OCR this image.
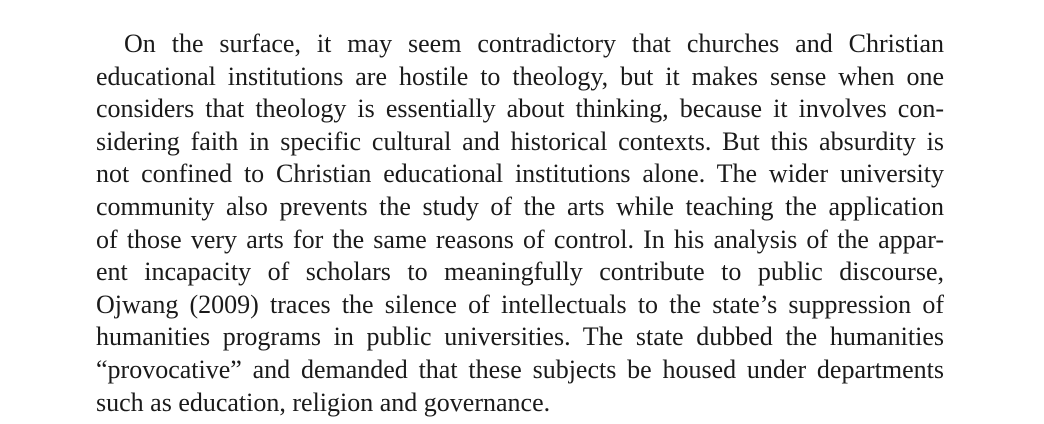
On the surface, it may seem contradictory that churches and Christian
educational institutions are hostile to theology, but it makes sense when one
considers that theology is essentially about thinking, because it involves con-
sidering faith in specific cultural and historical contexts. But this absurdity is
not confined to Christian educational institutions alone. The wider university
community also prevents the study of the arts while teaching the application
of those very arts for the same reasons of control. In his analysis of the appar-
ent incapacity of scholars to meaningfully contribute to public discourse,
Ojwang (2009) traces the silence of intellectuals to the state’s suppression of
humanities programs in public universities. The state dubbed the humanities
“provocative” and demanded that these subjects be housed under departments
such as education, religion and governance.
